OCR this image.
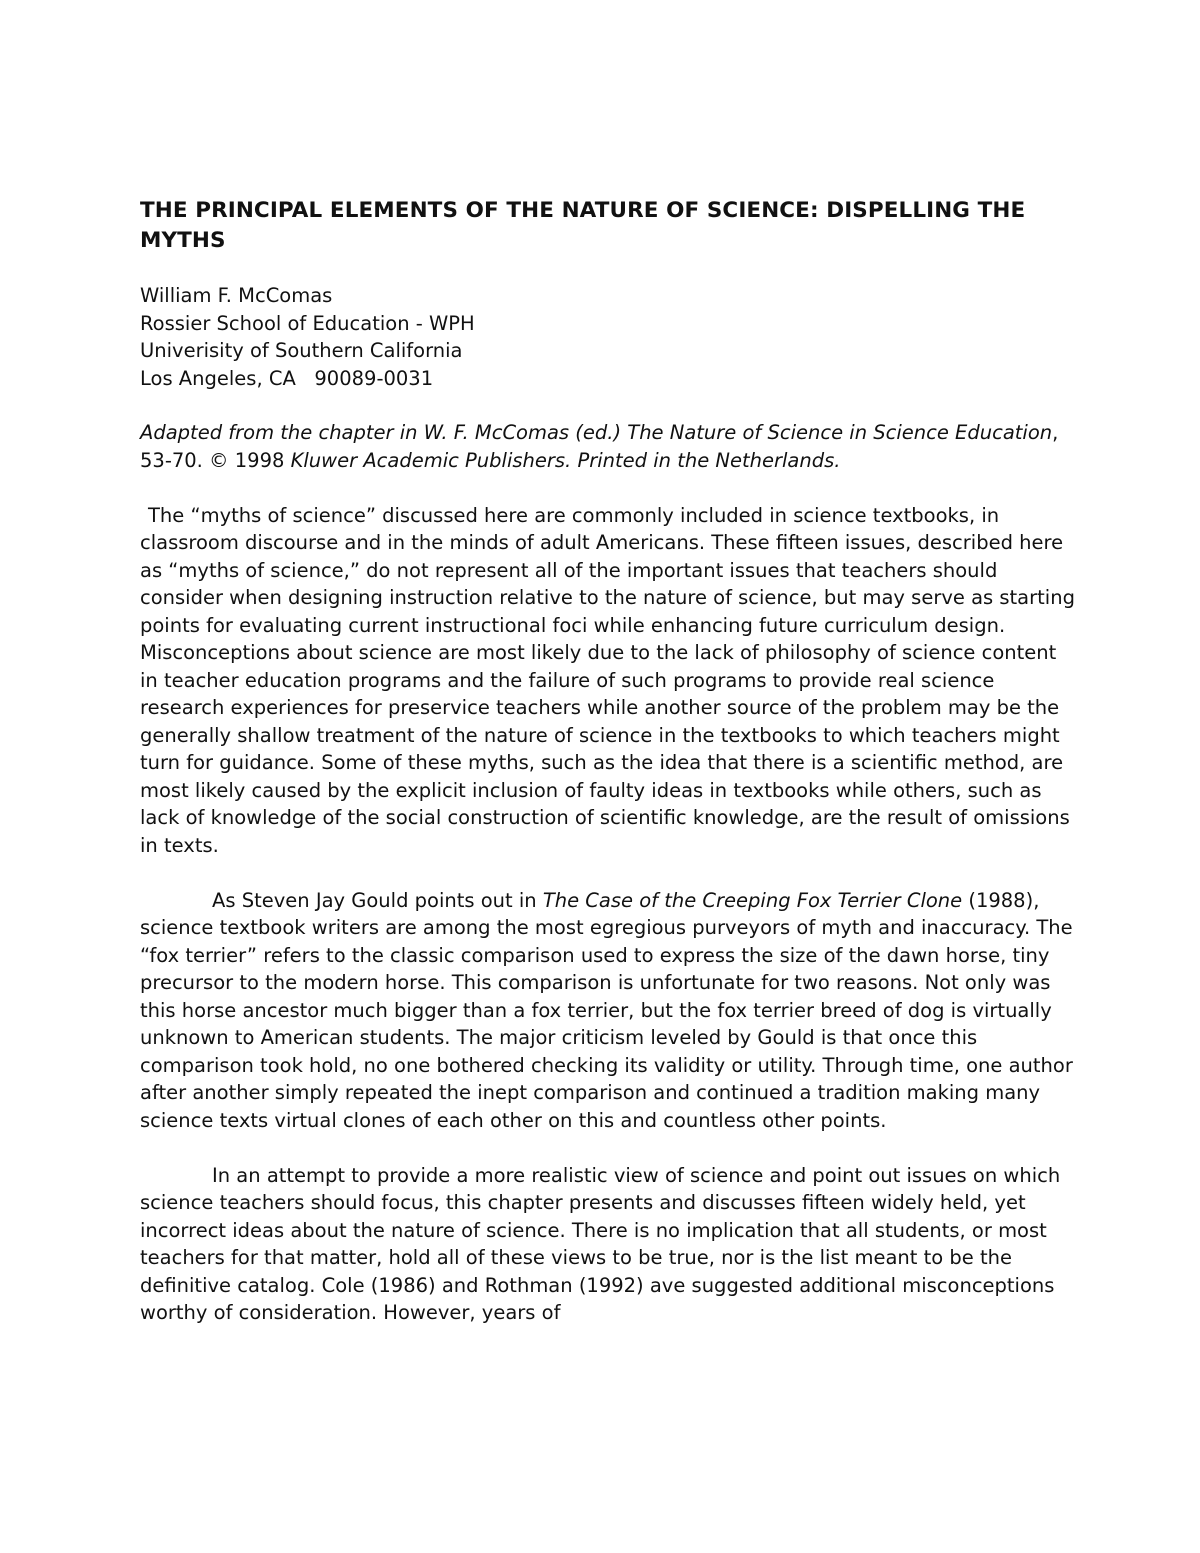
THE PRINCIPAL ELEMENTS OF THE NATURE OF SCIENCE: DISPELLING THE MYTHS
William F. McComas
Rossier School of Education - WPH
Univerisity of Southern California
Los Angeles, CA   90089-0031
Adapted from the chapter in W. F. McComas (ed.) The Nature of Science in Science Education, 53-70. © 1998 Kluwer Academic Publishers. Printed in the Netherlands.

The “myths of science” discussed here are commonly included in science textbooks, in classroom discourse and in the minds of adult Americans. These fifteen issues, described here as “myths of science,” do not represent all of the important issues that teachers should consider when designing instruction relative to the nature of science, but may serve as starting points for evaluating current instructional foci while enhancing future curriculum design. Misconceptions about science are most likely due to the lack of philosophy of science content in teacher education programs and the failure of such programs to provide real science research experiences for preservice teachers while another source of the problem may be the generally shallow treatment of the nature of science in the textbooks to which teachers might turn for guidance. Some of these myths, such as the idea that there is a scientific method, are most likely caused by the explicit inclusion of faulty ideas in textbooks while others, such as lack of knowledge of the social construction of scientific knowledge, are the result of omissions in texts.

As Steven Jay Gould points out in The Case of the Creeping Fox Terrier Clone (1988), science textbook writers are among the most egregious purveyors of myth and inaccuracy. The “fox terrier” refers to the classic comparison used to express the size of the dawn horse, tiny precursor to the modern horse. This comparison is unfortunate for two reasons. Not only was this horse ancestor much bigger than a fox terrier, but the fox terrier breed of dog is virtually unknown to American students. The major criticism leveled by Gould is that once this comparison took hold, no one bothered checking its validity or utility. Through time, one author after another simply repeated the inept comparison and continued a tradition making many science texts virtual clones of each other on this and countless other points.

In an attempt to provide a more realistic view of science and point out issues on which science teachers should focus, this chapter presents and discusses fifteen widely held, yet incorrect ideas about the nature of science. There is no implication that all students, or most teachers for that matter, hold all of these views to be true, nor is the list meant to be the definitive catalog. Cole (1986) and Rothman (1992) ave suggested additional misconceptions worthy of consideration. However, years of
